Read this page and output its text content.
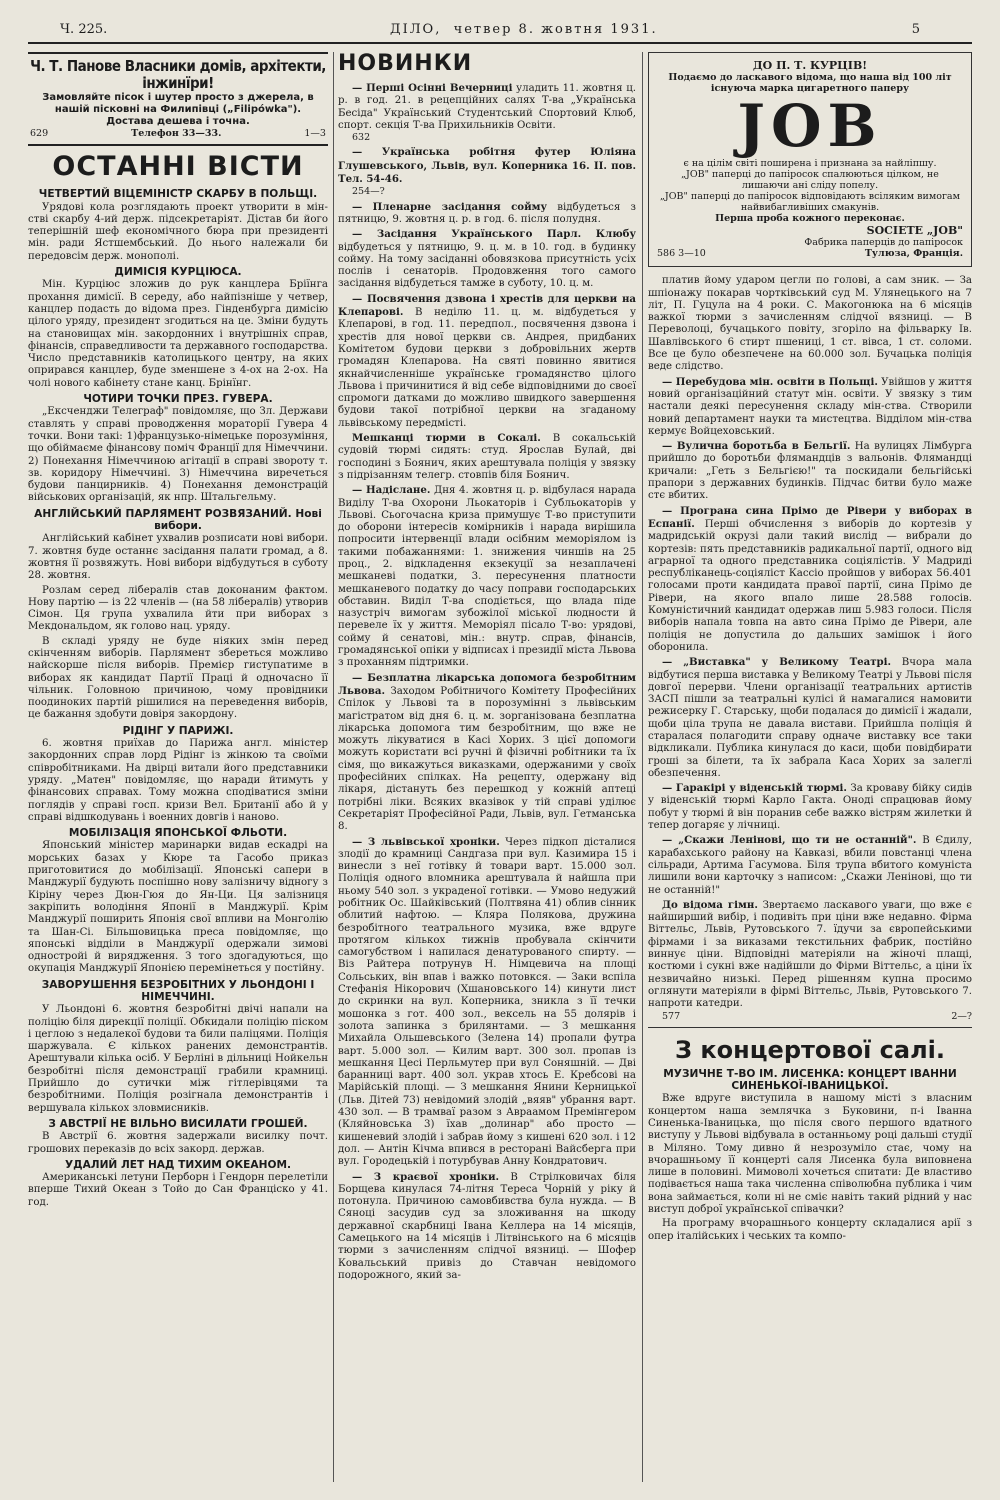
Ч. 225.	ДІЛО, четвер 8. жовтня 1931.	5
Ч. Т. Панове Власники домів, архітекти, інжинїри!
Замовляйте пісок і шутер просто з джерела, в нашій пісковні на Филипівці („Filipówka").
Доставa дешева і точна.
629	Телефон 33—33.	1—3
ОСТАННІ ВІСТИ
ЧЕТВЕРТИЙ ВІЦЕМІНІСТР СКАРБУ В ПОЛЬЩІ.

Урядові кола розглядають проект утворити в мін-стві скарбу 4-ий держ. підсекретаріят. Дістав би його теперішній шеф економічного бюра при президенті мін. ради Ястшембський. До нього належали би передовсім держ. монополі.

ДИМІСІЯ КУРЦІЮСА.

Мін. Курціюс зложив до рук канцлера Бріїнга прохання димісії. В середу, або найпізніше у четвер, канцлер подасть до відома през. Гінденбурга димісію цілого уряду, президент згодиться на це. Зміни будуть на становищах мін. закордонних і внутрішніх справ, фінансів, справедливости та державного господарства. Число представників католицького центру, на яких оприрався канцлер, буде зменшене з 4-ох на 2-ох. На чолі нового кабінету стане канц. Брінїнг.

ЧОТИРИ ТОЧКИ ПРЕЗ. ГУВЕРА.

„Ексченджи Телеграф" повідомляє, що Зл. Держави ставлять у справі проводження мораторії Гувера 4 точки. Вони такі: 1)французько-німецьке порозуміння, що обіймаєме фінансову поміч Франції для Німеччини. 2) Понехання Німеччиною агітації в справі звороту т. зв. коридору Німеччині. 3) Німеччина виречеться будови панцирників. 4) Понехання демонстрацій військових організацій, як нпр. Штальгельму.

АНГЛІЙСЬКИЙ ПАРЛЯМЕНТ РОЗВЯЗАНИЙ. Нові вибори.

Англійський кабінет ухвалив розписати нові вибори. 7. жовтня буде останнє засідання палати громад, а 8. жовтня її розвяжуть. Нові вибори відбудуться в суботу 28. жовтня.

Розлам серед лібералів став доконаним фактом. Нову партію — із 22 членів — (на 58 лібералів) утворив Сімон. Ця група ухвалила йти при виборах з Мекдональдом, як голово нац. уряду.

В складі уряду не буде ніяких змін перед скінченням виборів. Парлямент збереться можливо найскорше після виборів. Премієр гиступатиме в виборах як кандидат Партії Праці й одночасно її чільник. Головною причиною, чому провідники поодиноких партій рішилися на переведення виборів, це бажання здобути довіря закордону.

РІДІНГ У ПАРИЖІ.

6. жовтня приїхав до Парижа англ. міністер закордонних справ лорд Рідінг із жінкою та своїми співробітниками. На двірці витали його представники уряду. „Матен" повідомляє, що наради йтимуть у фінансових справах. Тому можна сподіватися зміни поглядів у справі госп. кризи Вел. Британії або й у справі відшкодувань і военних довгів і наново.

МОБІЛІЗАЦІЯ ЯПОНСЬКОЇ ФЛЬОТИ.

Японський міністер маринарки видав ескадрі на морських базах у Кюре та Гасобо приказ приготовитися до мобілізації. Японські сапери в Манджурії будують поспішно нову залізничу відногу з Кіріну через Дюн-Гюя до Ян-Ци. Ця залізниця закріпить володіння Японії в Манджурії. Крім Манджурії поширить Японія свої впливи на Монголію та Шан-Сі. Більшовицька преса повідомляє, що японські відділи в Манджурії одержали зимові одностройі й вирядження. З того здогадуються, що окупація Манджурії Японією перемінеться у постійну.

ЗАВОРУШЕННЯ БЕЗРОБІТНИХ У ЛЬОНДОНІ І НІМЕЧЧИНІ.

У Льондоні 6. жовтня безробітні двічі напали на поліцію біля дирекції поліції. Обкидали поліцію піском і цеглою з недалекої будови та били паліцями. Поліція шаржувала. Є кількох ранених демонстрантів. Арештували кілька осіб. У Берліні в дільниці Нойкельн безробітні після демонстрації грабили крамниці. Прийшло до сутички між гітлерівцями та безробітними. Поліція розігнала демонстрантів і вершувала кількох зловмисників.

З АВСТРІЇ НЕ ВІЛЬНО ВИСИЛАТИ ГРОШЕЙ.

В Австрії 6. жовтня задержали висилку почт. грошових переказів до всіх закорд. держав.

УДАЛИЙ ЛЕТ НАД ТИХИМ ОКЕАНОМ.

Американські летуни Перборн і Гендорн перелетіли вперше Тихий Океан з Тойо до Сан Франціско у 41. год.

НОВИНКИ

— Перші Осінні Вечерниці уладить 11. жовтня ц. р. в год. 21. в рецепційних салях Т-ва „Українська Бесіда" Український Студентський Спортовий Клюб, спорт. секція Т-ва Прихильників Освіти.
632

— Українська робітня футер Юліяна Глушевського, Львів, вул. Коперника 16. II. пов. Тел. 54-46.
254—?

— Пленарне засідання сойму відбудеться з пятницю, 9. жовтня ц. р. в год. 6. після полудня.

— Засідання Українського Парл. Клюбу відбудеться у пятницю, 9. ц. м. в 10. год. в будинку сойму. На тому засіданні обовязкова присутність усіх послів і сенаторів. Продовження того самого засідання відбудеться тамже в суботу, 10. ц. м.

— Посвячення дзвона і хрестів для церкви на Клепарові. В неділю 11. ц. м. відбудеться у Клепарові, в год. 11. передпол., посвячення дзвона і хрестів для нової церкви св. Андрея, придбаних Комітетом будови церкви з добровільних жертв громадян Клепарова. На святі повинно явитися якнайчисленніше українське громадянство цілого Львова і причинитися й від себе відповідними до своєї спромоги датками до можливо швидкого завершення будови такої потрібної церкви на згаданому львівському передмісті.

Мешканці тюрми в Сокалі. В сокальській судовій тюрмі сидять: студ. Ярослав Булай, дві господині з Боянич, яких арештувала поліція у звязку з підрізанням телегр. стовпів біля Боянич.

— Надіслане. Дня 4. жовтня ц. р. відбулася нарада Виділу Т-ва Охорони Льокаторів і Субльокаторів у Львові. Сьогочасна криза примушує Т-во приступити до оборони інтересів комірників і нарада вирішила попросити інтервенції влади осібним меморіялом із такими побажаннями: 1. знижения чиншів на 25 проц., 2. відкладення екзекуції за незаплачені мешканеві податки, 3. пересунення платности мешканевого податку до часу поправи господарських обставин. Виділ Т-ва сподіється, що влада піде назустріч вимогам зубожілої міської людности й перевеле їх у життя. Меморіял пісало Т-во: урядові, сойму й сенатові, мін.: внутр. справ, фінансів, громадянської опіки у відписах і президії міста Львова з проханням підтримки.

— Безплатна лікарська допомога безробітним Львова. Заходом Робітничого Комітету Професійних Спілок у Львові та в порозумінні з львівським магістратом від дня 6. ц. м. зорганізована безплатна лікарська допомога тим безробітним, що вже не можуть лікуватися в Касі Хорих. З цієї допомоги можуть користати всі ручні й фізичні робітники та їх сімя, що викажуться виказками, одержаними у своїх професійних спілках. На рецепту, одержану від лікаря, дістануть без перешкод у кожній аптеці потрібні ліки. Всяких вказівок у тій справі уділює Секретаріят Професійної Ради, Львів, вул. Гетманська 8.

— З львівської хроніки. Через підкоп дісталися злодії до крамниці Сандгаза при вул. Казимира 15 і винесли з неї готівку й товари варт. 15.000 зол. Поліція одного вломника арештувала й найшла при ньому 540 зол. з украденої готівки. — Умово недужий робітник Ос. Шайківський (Полтвяна 41) облив сінник облитий нафтою. — Кляра Полякова, дружина безробітного театрального музика, вже вдруге протягом кількох тижнів пробувала скінчити самогубством і напилася денатурованого спирту. — Віз Райтера потрунув Н. Німцевича на площі Сольських, він впав і важко потовкся. — Заки вспіла Стефанія Нікорович (Хшановського 14) кинути лист до скринки на вул. Коперника, зникла з її течки мошонка з гот. 400 зол., вексель на 55 долярів і золота запинка з брилянтами. — З мешкання Михайла Ольшевського (Зелена 14) пропали футра варт. 5.000 зол. — Килим варт. 300 зол. пропав із мешкання Цесі Перльмутер при вул Соняшній. — Дві баранниці варт. 400 зол. украв хтось Е. Кребсові на Марійській площі. — З мешкання Янини Керницької (Льв. Дітей 73) невідомий злодій „вяяв" убрання варт. 430 зол. — В трамваї разом з Авраамом Премінгером (Кляйновська 3) їхав „долинар" або просто — кишеневий злодій і забрав йому з кишені 620 зол. і 12 дол. — Антін Кічма впився в ресторані Вайсберга при вул. Городецькій і потурбував Анну Кондратович.

— З краєвої хроніки. В Стрілковичах біля Борщева кинулася 74-літня Тереса Чорній у ріку й потонула. Причиною самовбивства була нужда. — В Сяноці засудив суд за зложивання на шкоду державної скарбниці Івана Келлера на 14 місяців, Самецького на 14 місяців і Літвінського на 6 місяців тюрми з зачисленням слідчої вязниці. — Шофер Ковальський привіз до Ставчан невідомого подорожного, який за-

ДО П. Т. КУРЦІВ!
Подаємо до ласкавого відома, що наша від 100 літ існуюча марка цигаретного паперу
JOB
є на цілім світі поширена і признана за найліпшу.
„JOB" паперці до папіросок спалюються цілком, не лишаючи ані сліду попелу.
„JOB" паперці до папіросок відповідають всіляким вимогам найвибагливіших смакунів.
Перша проба кожного переконає.
SOCIETE „JOB"
Фабрика паперців до папіросок
586 3—10	Тулюза, Франція.

платив йому ударом цегли по голові, а сам зник. — За шпіонажу покарав чортківський суд М. Улянецького на 7 літ, П. Гуцула на 4 роки. С. Макогонюка на 6 місяців важкої тюрми з зачисленням слідчої вязниці. — В Переволоці, бучацького повіту, згоріло на фільварку Ів. Шавлівського 6 стирт пшениці, 1 ст. вівса, 1 ст. соломи. Все це було обезпечене на 60.000 зол. Бучацька поліція веде слідство.

— Перебудова мін. освіти в Польщі. Увійшов у життя новий організаційний статут мін. освіти. У звязку з тим настали деякі пересунення складу мін-ства. Створили новий департамент науки та мистецтва. Відділом мін-ства кермує Войцеховський.

— Вулична боротьба в Бельгії. На вулицях Лімбурга прийшло до боротьби флямандців з вальонів. Флямандці кричали: „Геть з Бельгією!" та поскидали бельгійські прапори з державних будинків. Підчас битви було маже стє вбитих.

— Програна сина Прімо де Рівери у виборах в Еспанії. Перші обчислення з виборів до кортезів у мадридській окрузі дали такий вислід — вибрали до кортезів: пять представників радикальної партії, одного від аграрної та одного представника соціялістів. У Мадриді республіканець-соціяліст Кассіо пройшов у виборах 56.401 голосами проти кандидата правої партії, сина Прімо де Рівери, на якого впало лише 28.588 голосів. Комуністичний кандидат одержав лиш 5.983 голоси. Після виборів напала товпа на авто сина Прімо де Рівери, але поліція не допустила до дальших замішок і його оборонила.

— „Виставка" у Великому Театрі. Вчора мала відбутися перша виставка у Великому Театрі у Львові після довгої перерви. Члени організації театральних артистів ЗАСП пішли за театральні кулісі й намагалися намовити режисерку Г. Старську, щоби подалася до димісії і жадали, щоби ціла трупа не давала вистави. Прийшла поліція й старалася полагодити справу одначе виставку все таки відкликали. Публика кинулася до каси, щоби повідбирати гроші за білети, та їх забрала Каса Хорих за залеглі обезпечення.

— Гаракірі у віденській тюрмі. За кроваву бійку сидів у віденській тюрмі Карло Гакта. Оноді спрацював йому побут у тюрмі й він поранив себе важко вістрям жилетки й тепер догаряє у лічниці.

— „Скажи Ленінові, що ти не останній". В Єдилу, карабахського району на Кавказі, вбили повстанці члена сільради, Артима Гасумова. Біля трупа вбитого комуніста лишили вони карточку з написом: „Скажи Ленінові, що ти не останній!"

До відома гімн. Звертаємо ласкавого уваги, що вже є найширший вибір, і подивіть при ціни вже недавно. Фірма Віттельс, Львів, Рутовського 7. їдучи за європейськими фірмами і за виказами текстильних фабрик, постійно виннує ціни. Відповідні матеріяли на жіночі плащі, костюми і сукні вже надійшли до Фірми Віттельс, а ціни їх незвичайно низькі. Перед рішенням купна просимо оглянути матеріяли в фірмі Віттельс, Львів, Рутовського 7. напроти катедри.
577	2—?

З концертової салі.
МУЗИЧНЕ Т-ВО ІМ. ЛИСЕНКА: КОНЦЕРТ ІВАННИ СИНЕНЬКОЇ-ІВАНИЦЬКОЇ.

Вже вдруге виступила в нашому місті з власним концертом наша землячка з Буковини, п-і Іванна Синенька-Іваницька, що після свого першого вдатного виступу у Львові відбувала в останньому році дальші студії в Міляно. Тому дивно й незрозуміло стає, чому на вчорашньому її концерті саля Лисенка була виповнена лише в половині. Мимоволі хочеться спитати: Де властиво подівається наша така численна співолюбна публика і чим вона займається, коли ні не сміє навіть такий рідний у нас виступ доброї української співачки?

На програму вчорашнього концерту складалися арії з опер італійських і чеських та компо-
